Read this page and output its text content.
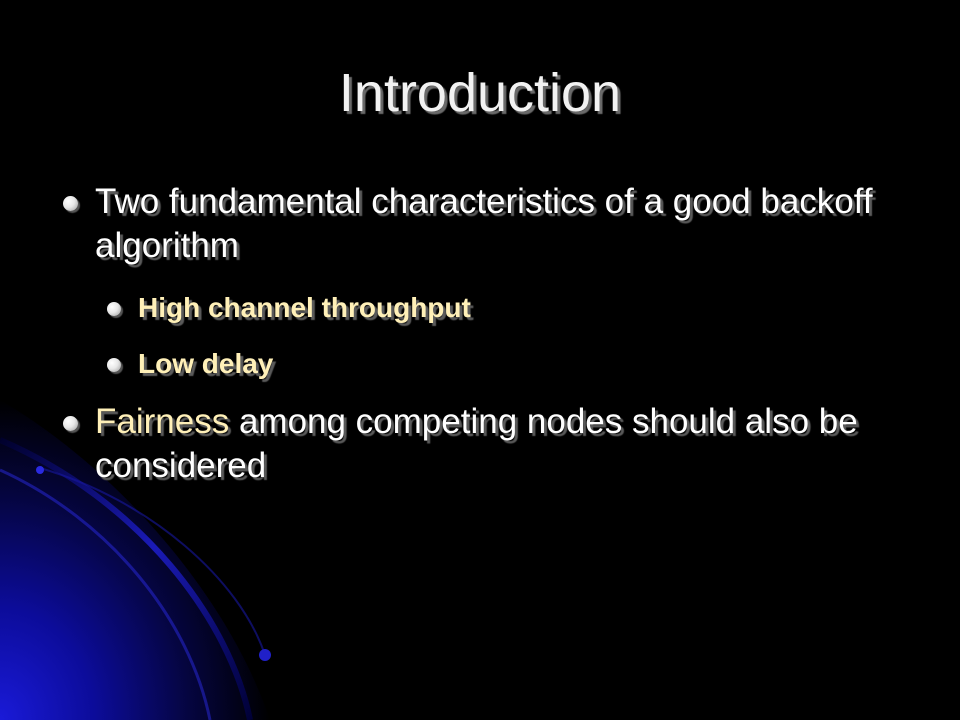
Introduction
Two fundamental characteristics of a good backoff algorithm
High channel throughput
Low delay
Fairness among competing nodes should also be considered
